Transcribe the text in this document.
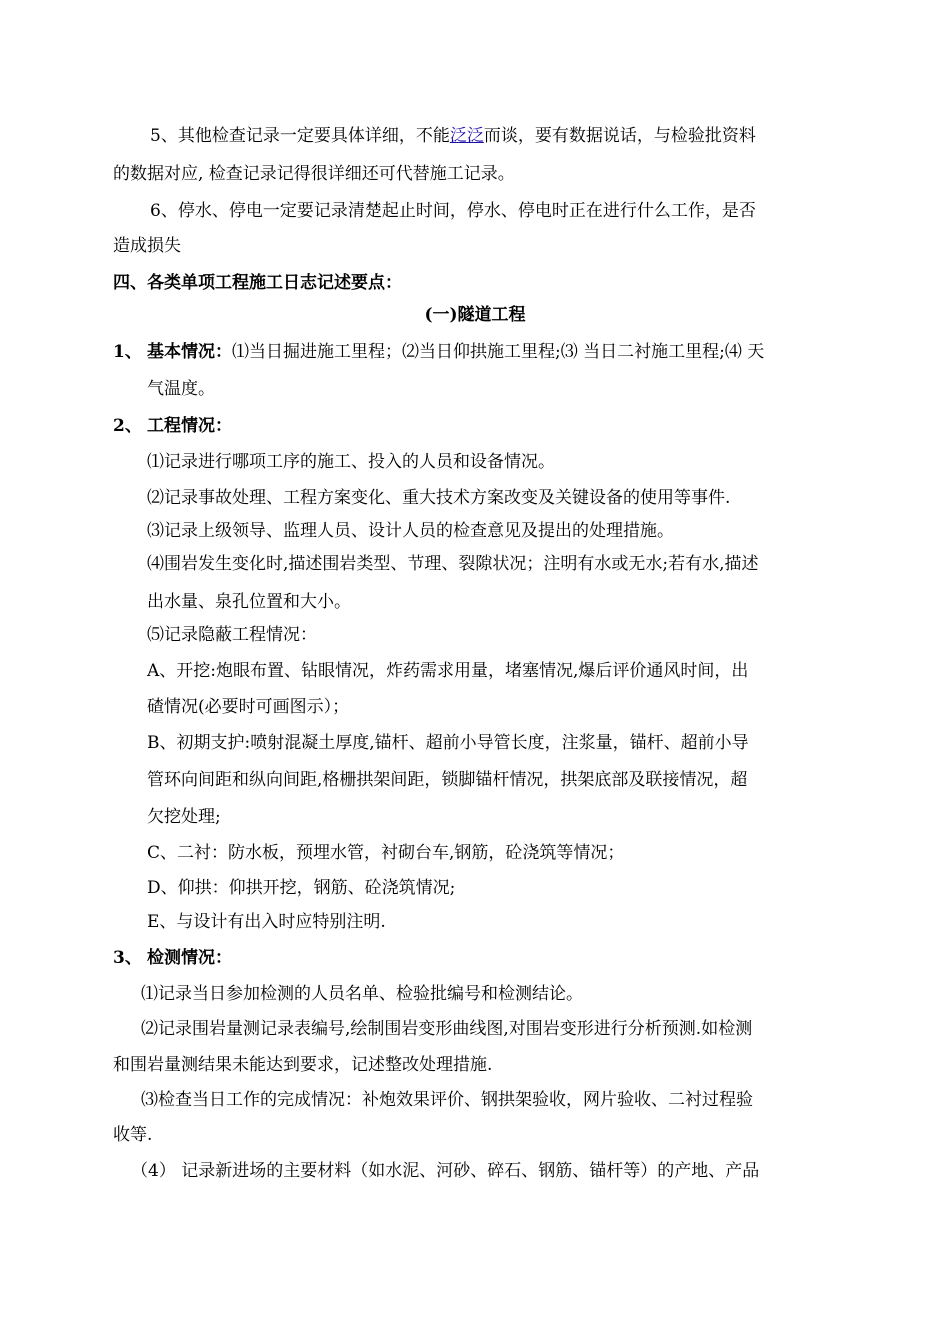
5、其他检查记录一定要具体详细，不能泛泛而谈，要有数据说话，与检验批资料
的数据对应, 检查记录记得很详细还可代替施工记录。
6、停水、停电一定要记录清楚起止时间，停水、停电时正在进行什么工作，是否
造成损失
四、各类单项工程施工日志记述要点：
(一)隧道工程
1、 基本情况：⑴当日掘进施工里程；⑵当日仰拱施工里程;⑶ 当日二衬施工里程;⑷ 天
气温度。
2、 工程情况：
⑴记录进行哪项工序的施工、投入的人员和设备情况。
⑵记录事故处理、工程方案变化、重大技术方案改变及关键设备的使用等事件.
⑶记录上级领导、监理人员、设计人员的检查意见及提出的处理措施。
⑷围岩发生变化时,描述围岩类型、节理、裂隙状况；注明有水或无水;若有水,描述
出水量、泉孔位置和大小。
⑸记录隐蔽工程情况：
A、开挖:炮眼布置、钻眼情况，炸药需求用量，堵塞情况,爆后评价通风时间，出
碴情况(必要时可画图示）；
B、初期支护:喷射混凝土厚度,锚杆、超前小导管长度，注浆量，锚杆、超前小导
管环向间距和纵向间距,格栅拱架间距，锁脚锚杆情况，拱架底部及联接情况，超
欠挖处理;
C、二衬：防水板，预埋水管，衬砌台车,钢筋，砼浇筑等情况；
D、仰拱：仰拱开挖，钢筋、砼浇筑情况;
E、与设计有出入时应特别注明.
3、 检测情况：
⑴记录当日参加检测的人员名单、检验批编号和检测结论。
⑵记录围岩量测记录表编号,绘制围岩变形曲线图,对围岩变形进行分析预测.如检测
和围岩量测结果未能达到要求，记述整改处理措施.
⑶检查当日工作的完成情况：补炮效果评价、钢拱架验收，网片验收、二衬过程验
收等.
（4） 记录新进场的主要材料（如水泥、河砂、碎石、钢筋、锚杆等）的产地、产品
